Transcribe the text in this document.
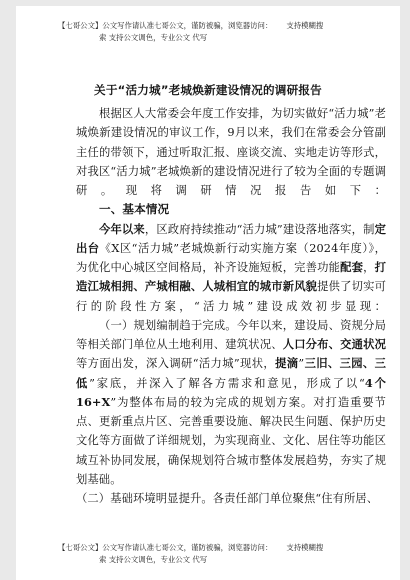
【七哥公文】公文写作请认准七哥公文，谨防被骗，浏览器访问： 支持模糊搜
索 支持公文调色，专业公文 代写
关于“活力城”老城焕新建设情况的调研报告

根据区人大常委会年度工作安排，为切实做好“活力城”老城焕新建设情况的审议工作，9月以来，我们在常委会分管副主任的带领下，通过听取汇报、座谈交流、实地走访等形式，对我区“活力城”老城焕新的建设情况进行了较为全面的专题调研。现将调研情况报告如下：

一、基本情况

今年以来，区政府持续推动“活力城”建设落地落实，制定出台《X区“活力城”老城焕新行动实施方案（2024年度）》，为优化中心城区空间格局，补齐设施短板，完善功能配套，打造江城相拥、产城相融、人城相宜的城市新风貌提供了切实可行的阶段性方案，“活力城”建设成效初步显现：

（一）规划编制趋于完成。今年以来，建设局、资规分局等相关部门单位从土地利用、建筑状况、人口分布、交通状况等方面出发，深入调研“活力城”现状，提滴”三旧、三园、三低”家底，并深入了解各方需求和意见，形成了以“4个16+X”为整体布局的较为完成的规划方案。对打造重要节点、更新重点片区、完善重要设施、解决民生问题、保护历史文化等方面做了详细规划，为实现商业、文化、居住等功能区域互补协同发展，确保规划符合城市整体发展趋势，夯实了规划基础。

（二）基础环境明显提升。各责任部门单位聚焦“住有所居、

【七哥公文】公文写作请认准七哥公文，谨防被骗，浏览器访问： 支持模糊搜
索 支持公文调色，专业公文 代写
